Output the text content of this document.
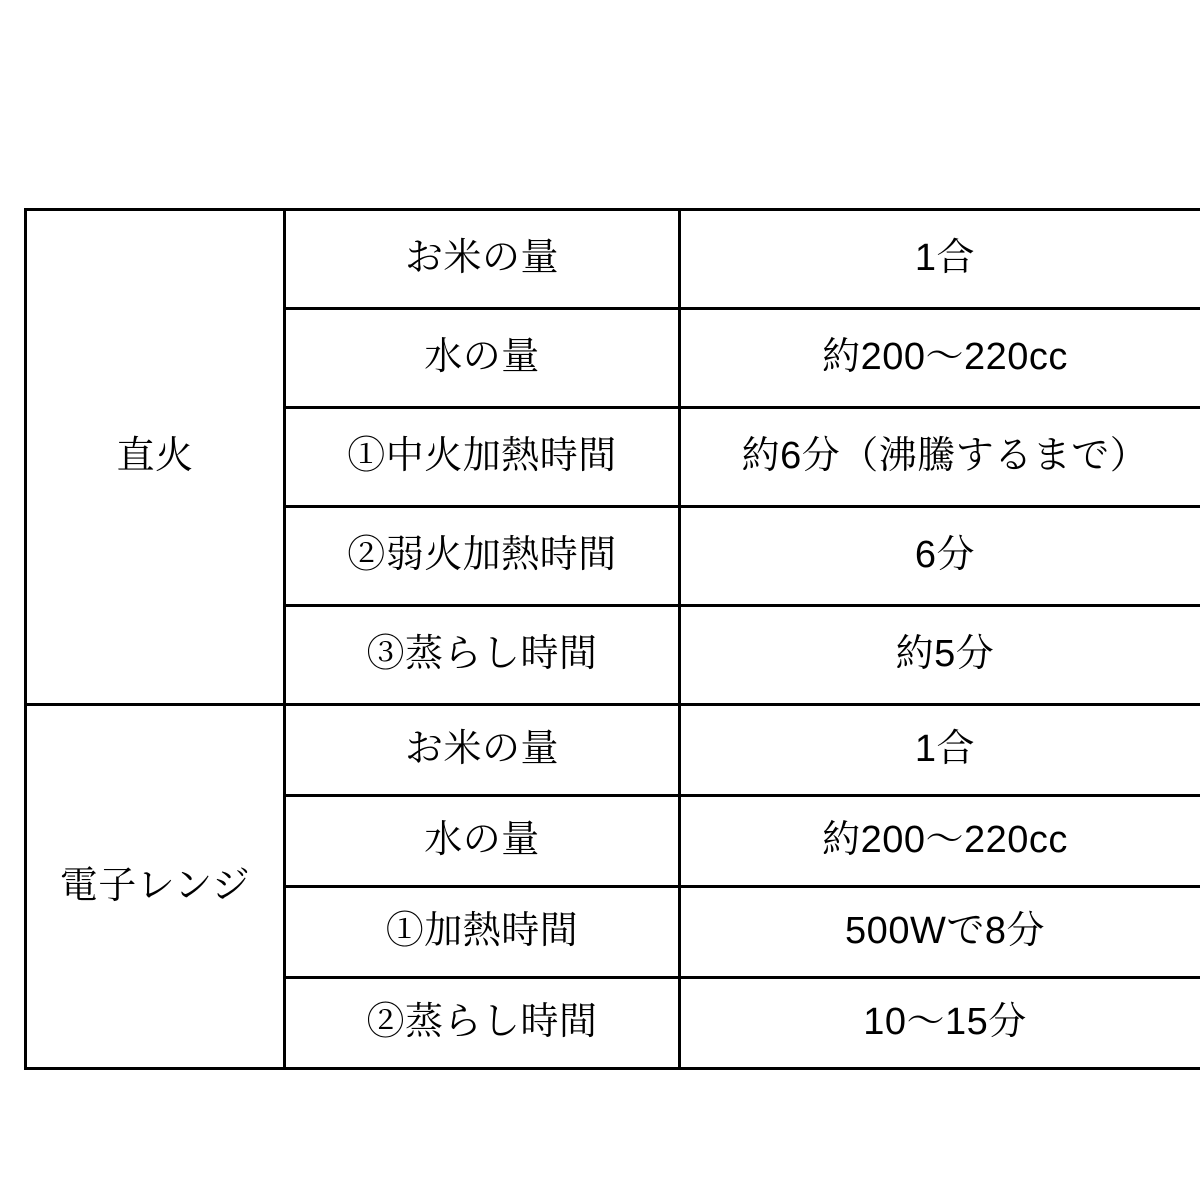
直火	お米の量	1合
	水の量	約200〜220cc
	①中火加熱時間	約6分（沸騰するまで）
	②弱火加熱時間	6分
	③蒸らし時間	約5分
電子レンジ	お米の量	1合
	水の量	約200〜220cc
	①加熱時間	500Wで8分
	②蒸らし時間	10〜15分
